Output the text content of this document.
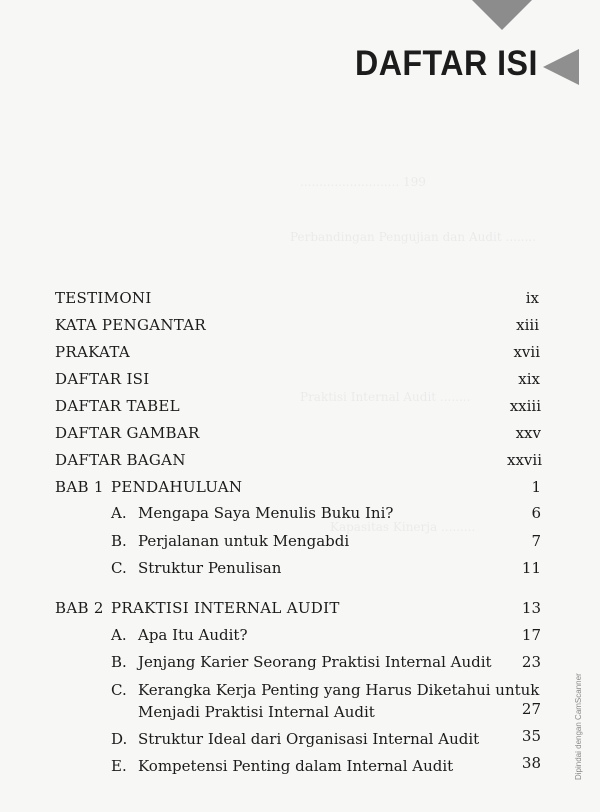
DAFTAR ISI
.......................... 199
Perbandingan Pengujian dan Audit ........
Praktisi Internal Audit ........
Kapasitas Kinerja .........
TESTIMONI	ix
KATA PENGANTAR	xiii
PRAKATA	xvii
DAFTAR ISI	xix
DAFTAR TABEL	xxiii
DAFTAR GAMBAR	xxv
DAFTAR BAGAN	xxvii
BAB 1 PENDAHULUAN	1
A. Mengapa Saya Menulis Buku Ini?	6
B. Perjalanan untuk Mengabdi	7
C. Struktur Penulisan	11
BAB 2 PRAKTISI INTERNAL AUDIT	13
A. Apa Itu Audit?	17
B. Jenjang Karier Seorang Praktisi Internal Audit	23
C. Kerangka Kerja Penting yang Harus Diketahui untuk
Menjadi Praktisi Internal Audit	27
D. Struktur Ideal dari Organisasi Internal Audit	35
E. Kompetensi Penting dalam Internal Audit	38	Dipindai dengan CamScanner
